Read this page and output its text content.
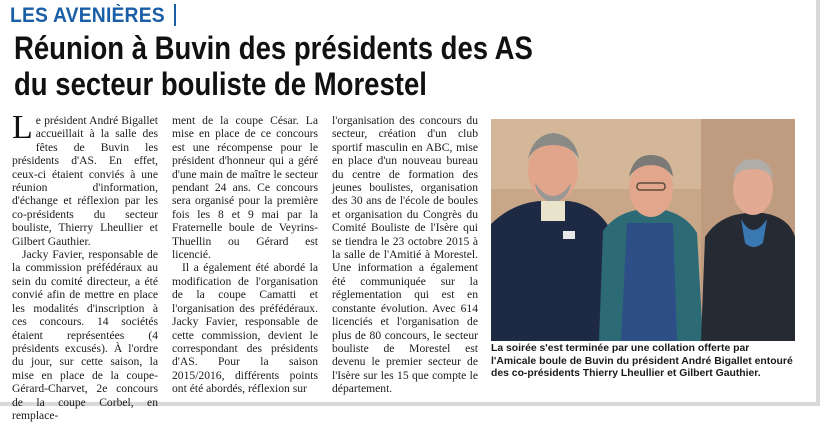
LES AVENIÈRES
Réunion à Buvin des présidents des AS
du secteur bouliste de Morestel
L e président André Bigallet accueillait à la salle des fêtes de Buvin les présidents d'AS. En effet, ceux-ci étaient conviés à une réunion d'information, d'échange et réflexion par les co-présidents du secteur bouliste, Thierry Lheullier et Gilbert Gauthier.

Jacky Favier, responsable de la commission préfédéraux au sein du comité directeur, a été convié afin de mettre en place les modalités d'inscription à ces concours. 14 sociétés étaient représentées (4 présidents excusés). À l'ordre du jour, sur cette saison, la mise en place de la coupe-Gérard-Charvet, 2e concours de la coupe Corbel, en remplace-

ment de la coupe César. La mise en place de ce concours est une récompense pour le président d'honneur qui a géré d'une main de maître le secteur pendant 24 ans. Ce concours sera organisé pour la première fois les 8 et 9 mai par la Fraternelle boule de Veyrins-Thuellin ou Gérard est licencié.

Il a également été abordé la modification de l'organisation de la coupe Camatti et l'organisation des préfédéraux. Jacky Favier, responsable de cette commission, devient le correspondant des présidents d'AS. Pour la saison 2015/2016, différents points ont été abordés, réflexion sur

l'organisation des concours du secteur, création d'un club sportif masculin en ABC, mise en place d'un nouveau bureau du centre de formation des jeunes boulistes, organisation des 30 ans de l'école de boules et organisation du Congrès du Comité Bouliste de l'Isère qui se tiendra le 23 octobre 2015 à la salle de l'Amitié à Morestel. Une information a également été communiquée sur la réglementation qui est en constante évolution. Avec 614 licenciés et l'organisation de plus de 80 concours, le secteur bouliste de Morestel est devenu le premier secteur de l'Isère sur les 15 que compte le département.

La soirée s'est terminée par une collation offerte par l'Amicale boule de Buvin du président André Bigallet entouré des co-présidents Thierry Lheullier et Gilbert Gauthier.
